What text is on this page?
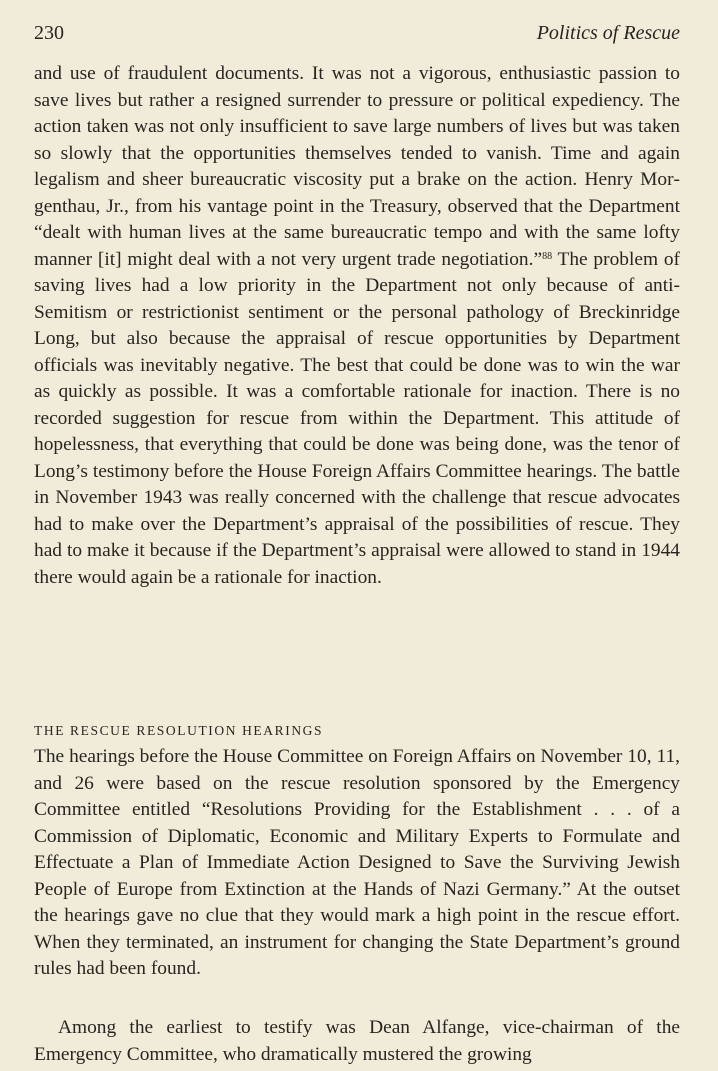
230	Politics of Rescue

and use of fraudulent documents. It was not a vigorous, enthusiastic passion to save lives but rather a resigned surrender to pressure or political expediency. The action taken was not only insufficient to save large numbers of lives but was taken so slowly that the opportunities themselves tended to vanish. Time and again legalism and sheer bureaucratic viscosity put a brake on the action. Henry Morgenthau, Jr., from his vantage point in the Treasury, observed that the Department “dealt with human lives at the same bureaucratic tempo and with the same lofty manner [it] might deal with a not very urgent trade negotiation.”$^{88}$ The problem of saving lives had a low priority in the Department not only because of anti-Semitism or restrictionist sentiment or the personal pathology of Breckinridge Long, but also because the appraisal of rescue opportunities by Department officials was inevitably negative. The best that could be done was to win the war as quickly as possible. It was a comfortable rationale for inaction. There is no recorded suggestion for rescue from within the Department. This attitude of hopelessness, that everything that could be done was being done, was the tenor of Long’s testimony before the House Foreign Affairs Committee hearings. The battle in November 1943 was really concerned with the challenge that rescue advocates had to make over the Department’s appraisal of the possibilities of rescue. They had to make it because if the Department’s appraisal were allowed to stand in 1944 there would again be a rationale for inaction.

THE RESCUE RESOLUTION HEARINGS

The hearings before the House Committee on Foreign Affairs on November 10, 11, and 26 were based on the rescue resolution sponsored by the Emergency Committee entitled “Resolutions Providing for the Establishment . . . of a Commission of Diplomatic, Economic and Military Experts to Formulate and Effectuate a Plan of Immediate Action Designed to Save the Surviving Jewish People of Europe from Extinction at the Hands of Nazi Germany.” At the outset the hearings gave no clue that they would mark a high point in the rescue effort. When they terminated, an instrument for changing the State Department’s ground rules had been found.

Among the earliest to testify was Dean Alfange, vice-chairman of the Emergency Committee, who dramatically mustered the growing
